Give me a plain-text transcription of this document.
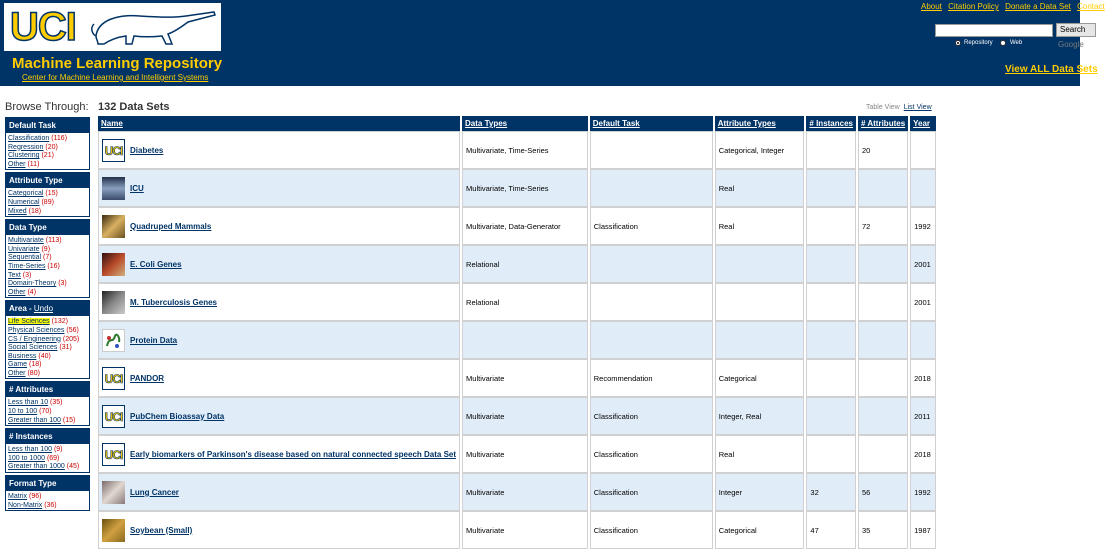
UCI
Machine Learning Repository
Center for Machine Learning and Intelligent Systems
About Citation Policy Donate a Data Set Contact
Search
Repository	Web	Google
View ALL Data Sets
Browse Through: 132 Data Sets	Table View List View
Default Task
Classification (116)
Regression (20)
Clustering (21)
Other (11)
Attribute Type
Categorical (15)
Numerical (89)
Mixed (18)
Data Type
Multivariate (113)
Univariate (9)
Sequential (7)
Time-Series (16)
Text (3)
Domain-Theory (3)
Other (4)
Area - Undo
Life Sciences (132)
Physical Sciences (56)
CS / Engineering (205)
Social Sciences (31)
Business (40)
Game (18)
Other (80)
# Attributes
Less than 10 (35)
10 to 100 (70)
Greater than 100 (15)
# Instances
Less than 100 (9)
100 to 1000 (69)
Greater than 1000 (45)
Format Type
Matrix (96)
Non-Matrix (36)
Name	Data Types	Default Task	Attribute Types	# Instances	# Attributes	Year
UCI Diabetes	Multivariate, Time-Series		Categorical, Integer		20	
ICU	Multivariate, Time-Series		Real			
Quadruped Mammals	Multivariate, Data-Generator	Classification	Real		72	1992
E. Coli Genes	Relational					2001
M. Tuberculosis Genes	Relational					2001
Protein Data						
UCI PANDOR	Multivariate	Recommendation	Categorical			2018
UCI PubChem Bioassay Data	Multivariate	Classification	Integer, Real			2011
UCI Early biomarkers of Parkinson's disease based on natural connected speech Data Set	Multivariate	Classification	Real			2018
Lung Cancer	Multivariate	Classification	Integer	32	56	1992
Soybean (Small)	Multivariate	Classification	Categorical	47	35	1987
